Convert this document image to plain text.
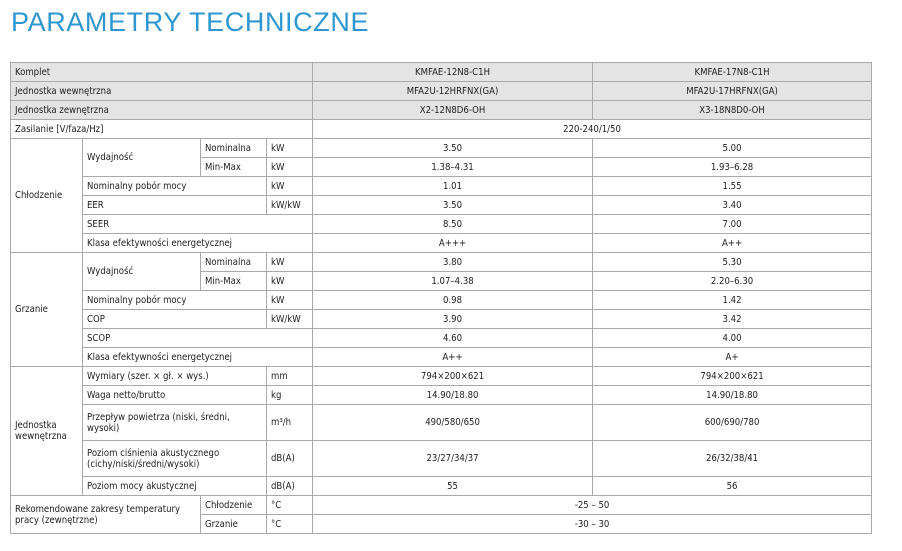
PARAMETRY TECHNICZNE
Komplet				KMFAE-12N8-C1H	KMFAE-17N8-C1H
Jednostka wewnętrzna				MFA2U-12HRFNX(GA)	MFA2U-17HRFNX(GA)
Jednostka zewnętrzna				X2-12N8D6-OH	X3-18N8D0-OH
Zasilanie [V/faza/Hz]				220-240/1/50	
Chłodzenie	Wydajność	Nominalna	kW	3.50	5.00
		Min-Max	kW	1.38–4.31	1.93–6.28
	Nominalny pobór mocy		kW	1.01	1.55
	EER		kW/kW	3.50	3.40
	SEER			8.50	7.00
	Klasa efektywności energetycznej			A+++	A++
Grzanie	Wydajność	Nominalna	kW	3.80	5.30
		Min-Max	kW	1.07–4.38	2.20–6.30
	Nominalny pobór mocy		kW	0.98	1.42
	COP		kW/kW	3.90	3.42
	SCOP			4.60	4.00
	Klasa efektywności energetycznej			A++	A+
Jednostka wewnętrzna	Wymiary (szer. × gł. × wys.)		mm	794×200×621	794×200×621
	Waga netto/brutto		kg	14.90/18.80	14.90/18.80
	Przepływ powietrza (niski, średni, wysoki)		m³/h	490/580/650	600/690/780
	Poziom ciśnienia akustycznego (cichy/niski/średni/wysoki)		dB(A)	23/27/34/37	26/32/38/41
	Poziom mocy akustycznej		dB(A)	55	56
Rekomendowane zakresy temperatury pracy (zewnętrzne)		Chłodzenie	°C	-25 – 50	
		Grzanie	°C	-30 – 30	
